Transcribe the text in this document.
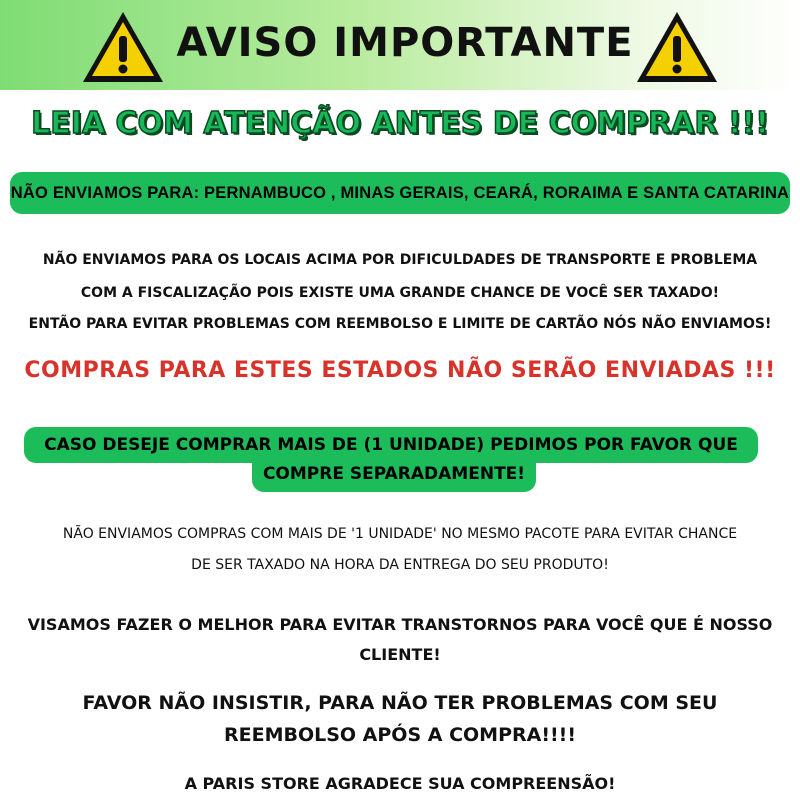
AVISO IMPORTANTE
LEIA COM ATENÇÃO ANTES DE COMPRAR !!!
NÃO ENVIAMOS PARA: PERNAMBUCO , MINAS GERAIS, CEARÁ, RORAIMA E SANTA CATARINA
NÃO ENVIAMOS PARA OS LOCAIS ACIMA POR DIFICULDADES DE TRANSPORTE E PROBLEMA
COM A FISCALIZAÇÃO POIS EXISTE UMA GRANDE CHANCE DE VOCÊ SER TAXADO!
ENTÃO PARA EVITAR PROBLEMAS COM REEMBOLSO E LIMITE DE CARTÃO NÓS NÃO ENVIAMOS!
COMPRAS PARA ESTES ESTADOS NÃO SERÃO ENVIADAS !!!
COMPRE SEPARADAMENTE!
CASO DESEJE COMPRAR MAIS DE (1 UNIDADE) PEDIMOS POR FAVOR QUE
NÃO ENVIAMOS COMPRAS COM MAIS DE '1 UNIDADE' NO MESMO PACOTE PARA EVITAR CHANCE
DE SER TAXADO NA HORA DA ENTREGA DO SEU PRODUTO!
VISAMOS FAZER O MELHOR PARA EVITAR TRANSTORNOS PARA VOCÊ QUE É NOSSO
CLIENTE!
FAVOR NÃO INSISTIR, PARA NÃO TER PROBLEMAS COM SEU
REEMBOLSO APÓS A COMPRA!!!!
A PARIS STORE AGRADECE SUA COMPREENSÃO!
